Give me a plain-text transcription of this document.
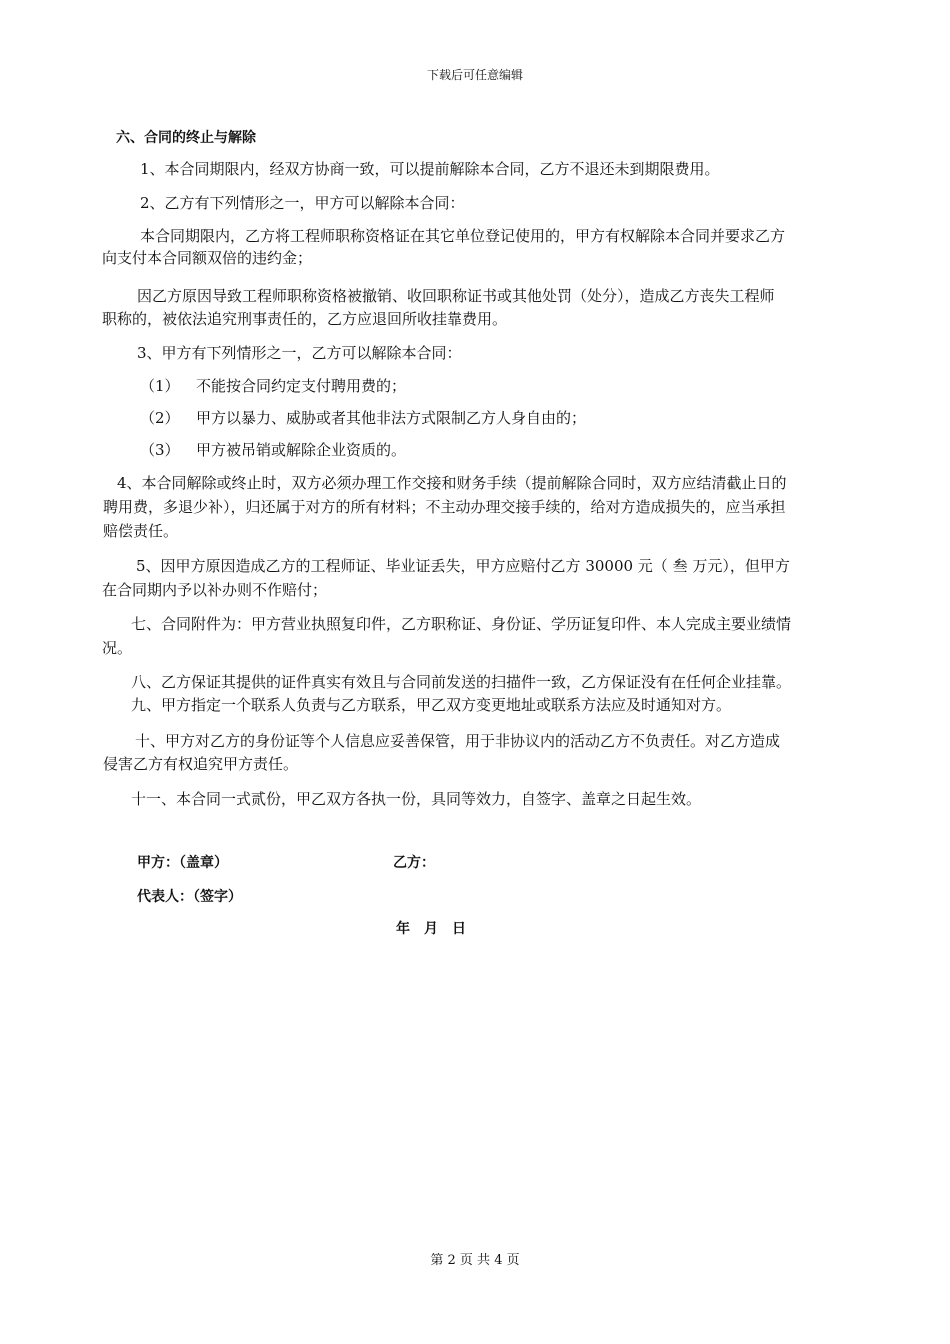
下载后可任意编辑
六、合同的终止与解除
1、本合同期限内，经双方协商一致，可以提前解除本合同，乙方不退还未到期限费用。
2、乙方有下列情形之一，甲方可以解除本合同：
本合同期限内，乙方将工程师职称资格证在其它单位登记使用的，甲方有权解除本合同并要求乙方
向支付本合同额双倍的违约金；
因乙方原因导致工程师职称资格被撤销、收回职称证书或其他处罚（处分），造成乙方丧失工程师
职称的，被依法追究刑事责任的，乙方应退回所收挂靠费用。
3、甲方有下列情形之一，乙方可以解除本合同：
（1） 不能按合同约定支付聘用费的；
（2） 甲方以暴力、威胁或者其他非法方式限制乙方人身自由的；
（3） 甲方被吊销或解除企业资质的。
4、本合同解除或终止时，双方必须办理工作交接和财务手续（提前解除合同时，双方应结清截止日的
聘用费，多退少补），归还属于对方的所有材料；不主动办理交接手续的，给对方造成损失的，应当承担
赔偿责任。
5、因甲方原因造成乙方的工程师证、毕业证丢失，甲方应赔付乙方 30000 元（ 叁 万元），但甲方
在合同期内予以补办则不作赔付；
七、合同附件为：甲方营业执照复印件，乙方职称证、身份证、学历证复印件、本人完成主要业绩情
况。
八、乙方保证其提供的证件真实有效且与合同前发送的扫描件一致，乙方保证没有在任何企业挂靠。
九、甲方指定一个联系人负责与乙方联系，甲乙双方变更地址或联系方法应及时通知对方。
十、甲方对乙方的身份证等个人信息应妥善保管，用于非协议内的活动乙方不负责任。对乙方造成
侵害乙方有权追究甲方责任。
十一、本合同一式贰份，甲乙双方各执一份，具同等效力，自签字、盖章之日起生效。
甲方：（盖章）	乙方：
代表人：（签字）
年　月　日
第 2 页 共 4 页
